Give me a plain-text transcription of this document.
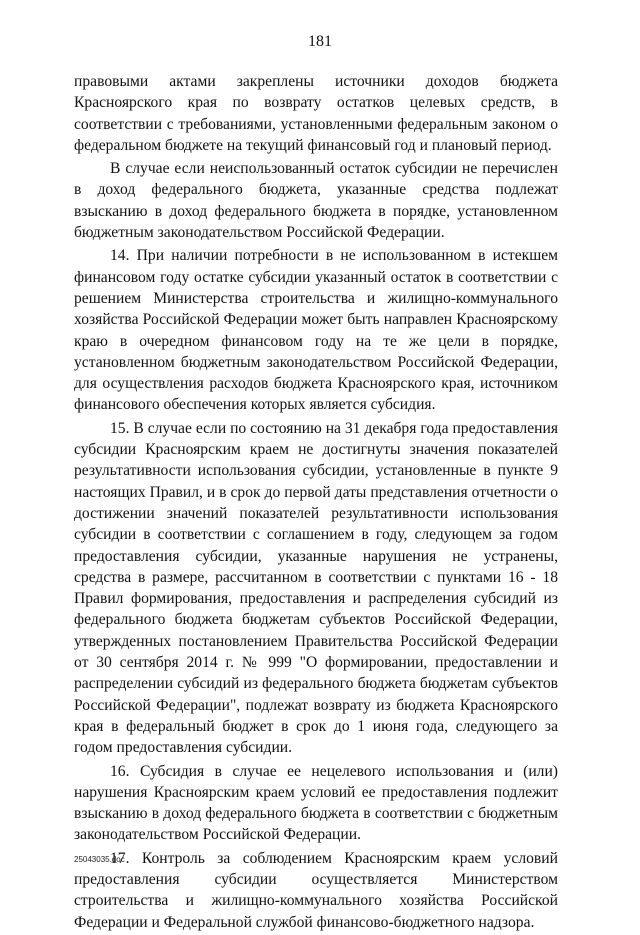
181

правовыми актами закреплены источники доходов бюджета Красноярского края по возврату остатков целевых средств, в соответствии с требованиями, установленными федеральным законом о федеральном бюджете на текущий финансовый год и плановый период.

В случае если неиспользованный остаток субсидии не перечислен в доход федерального бюджета, указанные средства подлежат взысканию в доход федерального бюджета в порядке, установленном бюджетным законодательством Российской Федерации.

14. При наличии потребности в не использованном в истекшем финансовом году остатке субсидии указанный остаток в соответствии с решением Министерства строительства и жилищно-коммунального хозяйства Российской Федерации может быть направлен Красноярскому краю в очередном финансовом году на те же цели в порядке, установленном бюджетным законодательством Российской Федерации, для осуществления расходов бюджета Красноярского края, источником финансового обеспечения которых является субсидия.

15. В случае если по состоянию на 31 декабря года предоставления субсидии Красноярским краем не достигнуты значения показателей результативности использования субсидии, установленные в пункте 9 настоящих Правил, и в срок до первой даты представления отчетности о достижении значений показателей результативности использования субсидии в соответствии с соглашением в году, следующем за годом предоставления субсидии, указанные нарушения не устранены, средства в размере, рассчитанном в соответствии с пунктами 16 - 18 Правил формирования, предоставления и распределения субсидий из федерального бюджета бюджетам субъектов Российской Федерации, утвержденных постановлением Правительства Российской Федерации от 30 сентября 2014 г. № 999 "О формировании, предоставлении и распределении субсидий из федерального бюджета бюджетам субъектов Российской Федерации", подлежат возврату из бюджета Красноярского края в федеральный бюджет в срок до 1 июня года, следующего за годом предоставления субсидии.

16. Субсидия в случае ее нецелевого использования и (или) нарушения Красноярским краем условий ее предоставления подлежит взысканию в доход федерального бюджета в соответствии с бюджетным законодательством Российской Федерации.

17. Контроль за соблюдением Красноярским краем условий предоставления субсидии осуществляется Министерством строительства и жилищно-коммунального хозяйства Российской Федерации и Федеральной службой финансово-бюджетного надзора.

25043035.doc
